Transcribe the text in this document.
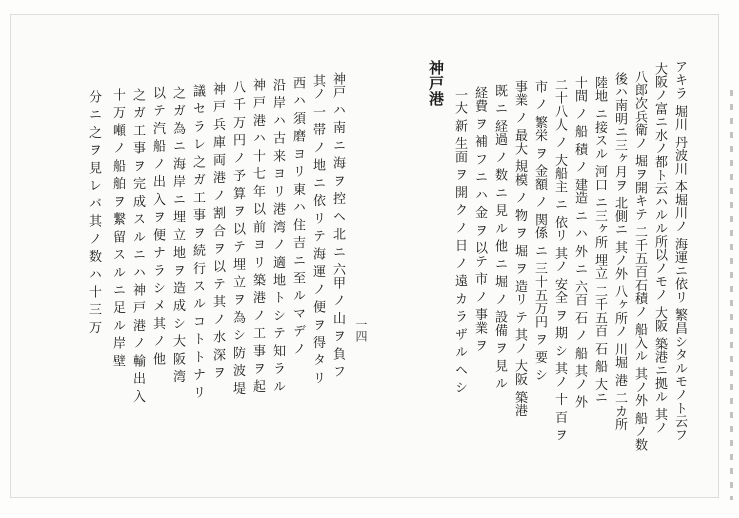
アキラ 堀川 丹波川 本堀川ノ 海運ニ依リ 繁昌シタルモノト云フ
大阪ノ富ニ水ノ都ト云ハルル所以ノモノ 大阪 築港ニ拠ル 其ノ
八郎次兵衛ノ 堀ヲ開キテ 二千五百石積ノ 船入ル 其ノ外 船ノ数
後ハ南明ニ三ヶ月ヲ 北側ニ 其ノ外 八ヶ所ノ 川堀 港 二カ所
陸地 ニ接スル 河口 ニ三ヶ所 埋立 二千五百 石 船 大ニ
十間 ノ 船 積 ノ 建造 ニ ハ 外 ニ 六百 石 ノ 船 其ノ 外
二十八人 ノ 大船主 ニ 依リ 其ノ 安全 ヲ 期 シ 其ノ 十 百 ヲ
市 ノ 繁栄 ヲ 金額 ノ 関係 ニ 三十五万円 ヲ 要 シ
事業 ノ 最大 規模 ノ 物 ヲ 堀 ヲ 造リ テ 其ノ 大阪 築港
既 ニ 経過 ノ 数 ニ 見 ル 他 ニ 堀 ノ 設備 ヲ 見 ル
経費 ヲ 補 フ ニ ハ 金 ヲ 以テ 市 ノ 事業 ヲ
一大 新 生面 ヲ 開 ク ノ 日 ノ 遠 カ ラ ザ ル ヘ シ
神戸港
一四
神戸 ハ 南 ニ 海 ヲ 控 ヘ 北 ニ 六甲 ノ 山 ヲ 負 フ
其ノ 一 帯 ノ 地 ニ 依 リ テ 海 運 ノ 便 ヲ 得 タ リ
西 ハ 須 磨 ヨ リ 東 ハ 住 吉 ニ 至 ル マ デ ノ
沿 岸 ハ 古 来 ヨ リ 港 湾 ノ 適 地 ト シ テ 知 ラ ル
神 戸 港 ハ 十 七 年 以 前 ヨ リ 築 港 ノ 工 事 ヲ 起
八 千 万 円 ノ 予 算 ヲ 以 テ 埋 立 ヲ 為 シ 防 波 堤
神 戸 兵 庫 両 港 ノ 割 合 ヲ 以 テ 其 ノ 水 深 ヲ
議 セ ラ レ 之 ガ 工 事 ヲ 続 行 ス ル コ ト ト ナ リ
之 ガ 為 ニ 海 岸 ニ 埋 立 地 ヲ 造 成 シ 大 阪 湾
以 テ 汽 船 ノ 出 入 ヲ 便 ナ ラ シ メ 其 ノ 他
之 ガ 工 事 ヲ 完 成 ス ル ニ ハ 神 戸 港 ノ 輸 出 入
十 万 噸 ノ 船 舶 ヲ 繋 留 ス ル ニ 足 ル 岸 壁
分 ニ 之 ヲ 見 レ バ 其 ノ 数 ハ 十 三 万
